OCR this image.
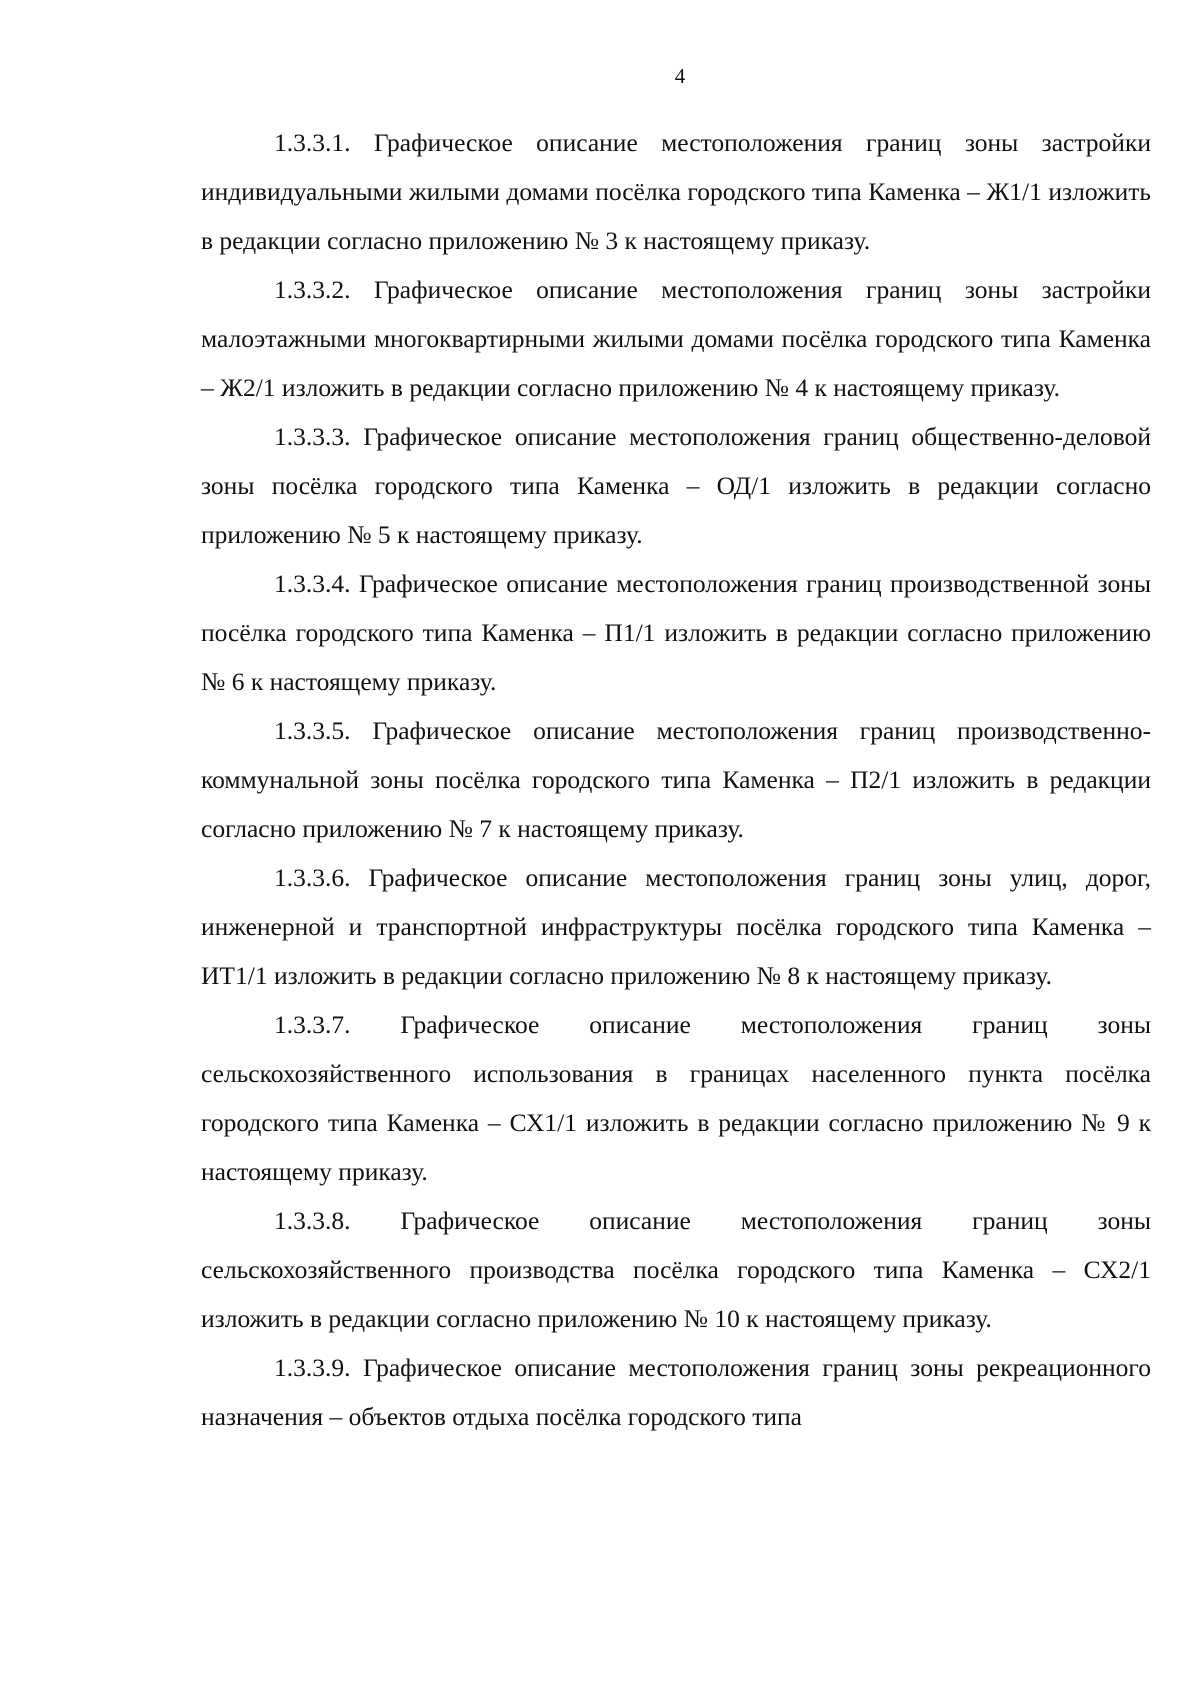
4

1.3.3.1. Графическое описание местоположения границ зоны застройки индивидуальными жилыми домами посёлка городского типа Каменка – Ж1/1 изложить в редакции согласно приложению № 3 к настоящему приказу.

1.3.3.2. Графическое описание местоположения границ зоны застройки малоэтажными многоквартирными жилыми домами посёлка городского типа Каменка – Ж2/1 изложить в редакции согласно приложению № 4 к настоящему приказу.

1.3.3.3. Графическое описание местоположения границ общественно-деловой зоны посёлка городского типа Каменка – ОД/1 изложить в редакции согласно приложению № 5 к настоящему приказу.

1.3.3.4. Графическое описание местоположения границ производственной зоны посёлка городского типа Каменка – П1/1 изложить в редакции согласно приложению № 6 к настоящему приказу.

1.3.3.5. Графическое описание местоположения границ производственно-коммунальной зоны посёлка городского типа Каменка – П2/1 изложить в редакции согласно приложению № 7 к настоящему приказу.

1.3.3.6. Графическое описание местоположения границ зоны улиц, дорог, инженерной и транспортной инфраструктуры посёлка городского типа Каменка – ИТ1/1 изложить в редакции согласно приложению № 8 к настоящему приказу.

1.3.3.7. Графическое описание местоположения границ зоны сельскохозяйственного использования в границах населенного пункта посёлка городского типа Каменка – СХ1/1 изложить в редакции согласно приложению № 9 к настоящему приказу.

1.3.3.8. Графическое описание местоположения границ зоны сельскохозяйственного производства посёлка городского типа Каменка – СХ2/1 изложить в редакции согласно приложению № 10 к настоящему приказу.

1.3.3.9. Графическое описание местоположения границ зоны рекреационного назначения – объектов отдыха посёлка городского типа
